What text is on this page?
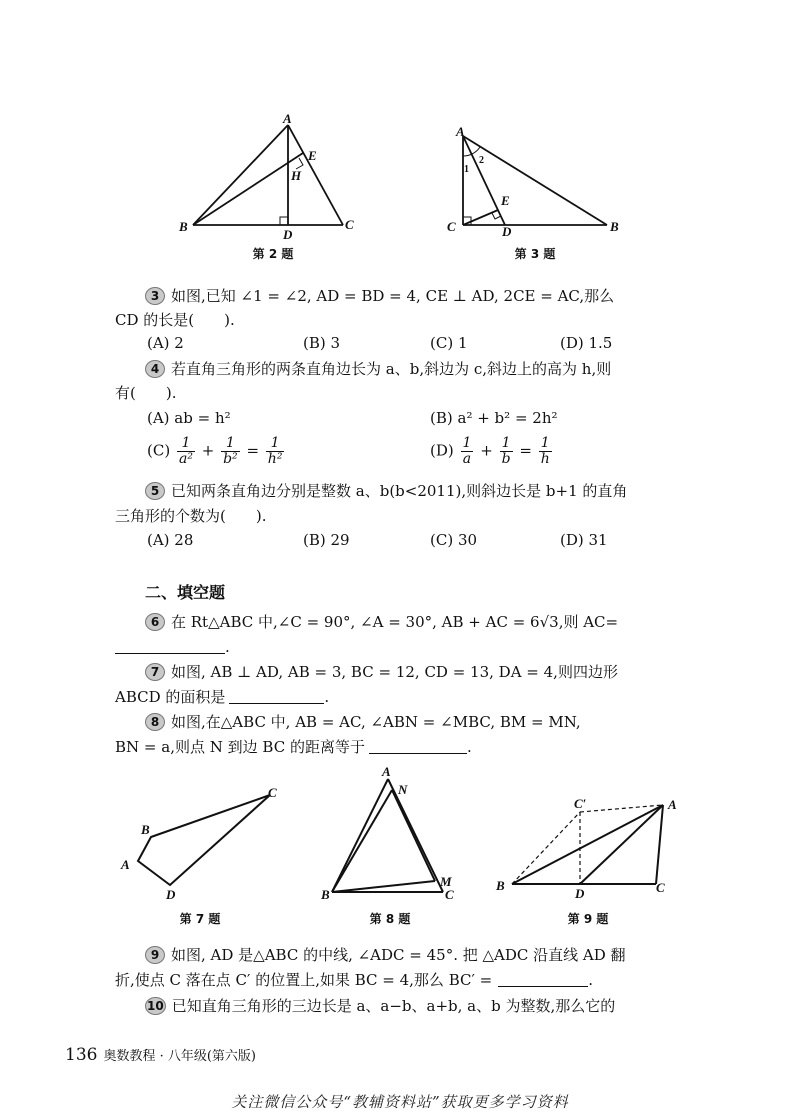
A
B	C
D
E
H
第 2 题
A
C	B
D
E
1
2
第 3 题
3 如图,已知 ∠1 = ∠2, AD = BD = 4, CE ⊥ AD, 2CE = AC,那么
CD 的长是(　　).
(A) 2	(B) 3	(C) 1	(D) 1.5
4 若直角三角形的两条直角边长为 a、b,斜边为 c,斜边上的高为 h,则
有(　　).
(A) ab = h²	(B) a² + b² = 2h²
$(C) \frac{1}{\text{a²}} + \frac{1}{\text{b²}} = \frac{1}{\text{h²}}$	$(D) \frac{1}{a} + \frac{1}{b} = \frac{1}{h}$
5 已知两条直角边分别是整数 a、b(b<2011),则斜边长是 b+1 的直角
三角形的个数为(　　).
(A) 28	(B) 29	(C) 30	(D) 31
二、填空题
6 在 Rt△ABC 中,∠C = 90°, ∠A = 30°, AB + AC = 6√3,则 AC=
.
7 如图, AB ⊥ AD, AB = 3, BC = 12, CD = 13, DA = 4,则四边形
ABCD 的面积是	.
8 如图,在△ABC 中, AB = AC, ∠ABN = ∠MBC, BM = MN,
BN = a,则点 N 到边 BC 的距离等于	.
B
A
C
D
第 7 题
A
N
B
M
C
第 8 题
C′	A
B
D	C
第 9 题
9 如图, AD 是△ABC 的中线, ∠ADC = 45°. 把 △ADC 沿直线 AD 翻
折,使点 C 落在点 C′ 的位置上,如果 BC = 4,那么 BC′ =	.
10 已知直角三角形的三边长是 a、a−b、a+b, a、b 为整数,那么它的
136 奥数教程 · 八年级(第六版)
关注微信公众号“教辅资料站”获取更多学习资料
